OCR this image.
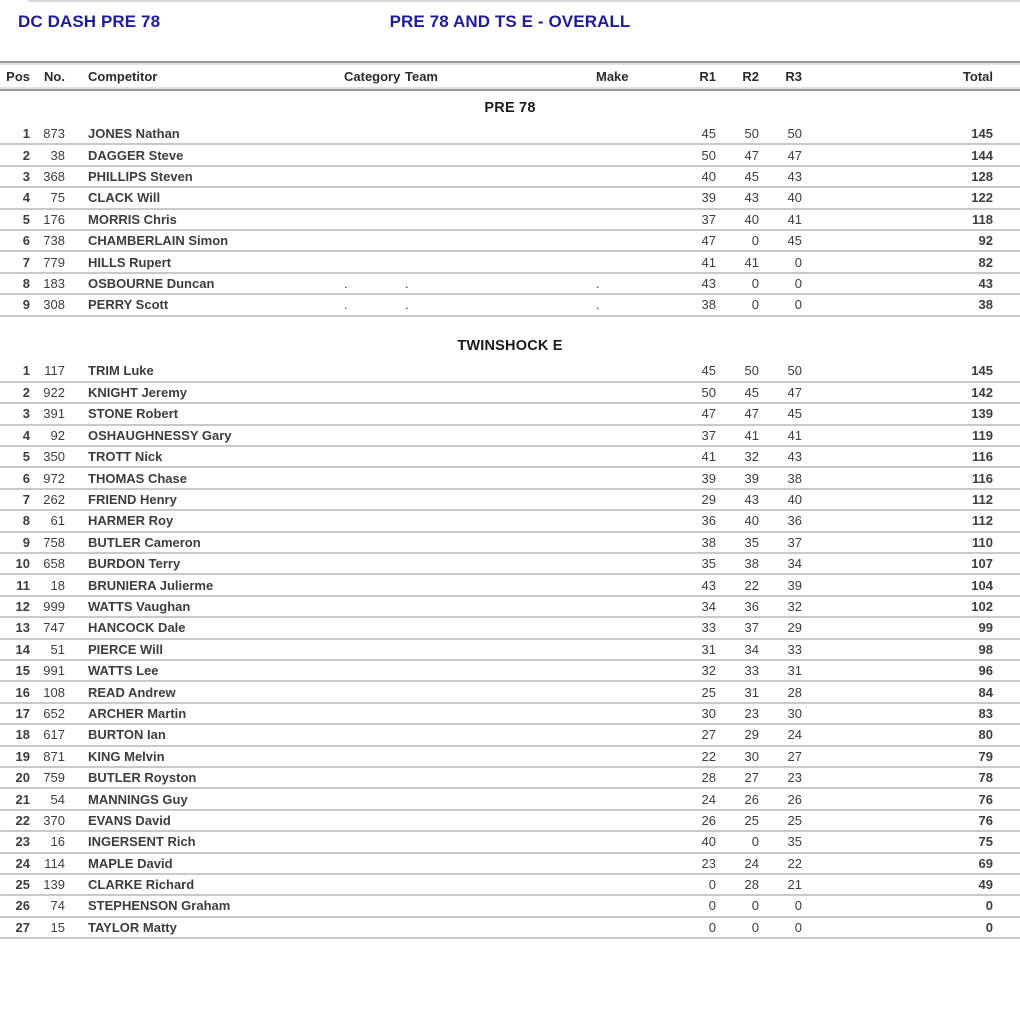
DC DASH PRE 78	PRE 78 AND TS E - OVERALL
Pos	No.	Competitor	Category	Team	Make	R1	R2	R3	Total
PRE 78									
1	873	JONES Nathan				45	50	50	145
2	38	DAGGER Steve				50	47	47	144
3	368	PHILLIPS Steven				40	45	43	128
4	75	CLACK Will				39	43	40	122
5	176	MORRIS Chris				37	40	41	118
6	738	CHAMBERLAIN Simon				47	0	45	92
7	779	HILLS Rupert				41	41	0	82
8	183	OSBOURNE Duncan	.	.	.	43	0	0	43
9	308	PERRY Scott	.	.	.	38	0	0	38
TWINSHOCK E									
1	117	TRIM Luke				45	50	50	145
2	922	KNIGHT Jeremy				50	45	47	142
3	391	STONE Robert				47	47	45	139
4	92	OSHAUGHNESSY Gary				37	41	41	119
5	350	TROTT Nick				41	32	43	116
6	972	THOMAS Chase				39	39	38	116
7	262	FRIEND Henry				29	43	40	112
8	61	HARMER Roy				36	40	36	112
9	758	BUTLER Cameron				38	35	37	110
10	658	BURDON Terry				35	38	34	107
11	18	BRUNIERA Julierme				43	22	39	104
12	999	WATTS Vaughan				34	36	32	102
13	747	HANCOCK Dale				33	37	29	99
14	51	PIERCE Will				31	34	33	98
15	991	WATTS Lee				32	33	31	96
16	108	READ Andrew				25	31	28	84
17	652	ARCHER Martin				30	23	30	83
18	617	BURTON Ian				27	29	24	80
19	871	KING Melvin				22	30	27	79
20	759	BUTLER Royston				28	27	23	78
21	54	MANNINGS Guy				24	26	26	76
22	370	EVANS David				26	25	25	76
23	16	INGERSENT Rich				40	0	35	75
24	114	MAPLE David				23	24	22	69
25	139	CLARKE Richard				0	28	21	49
26	74	STEPHENSON Graham				0	0	0	0
27	15	TAYLOR Matty				0	0	0	0
